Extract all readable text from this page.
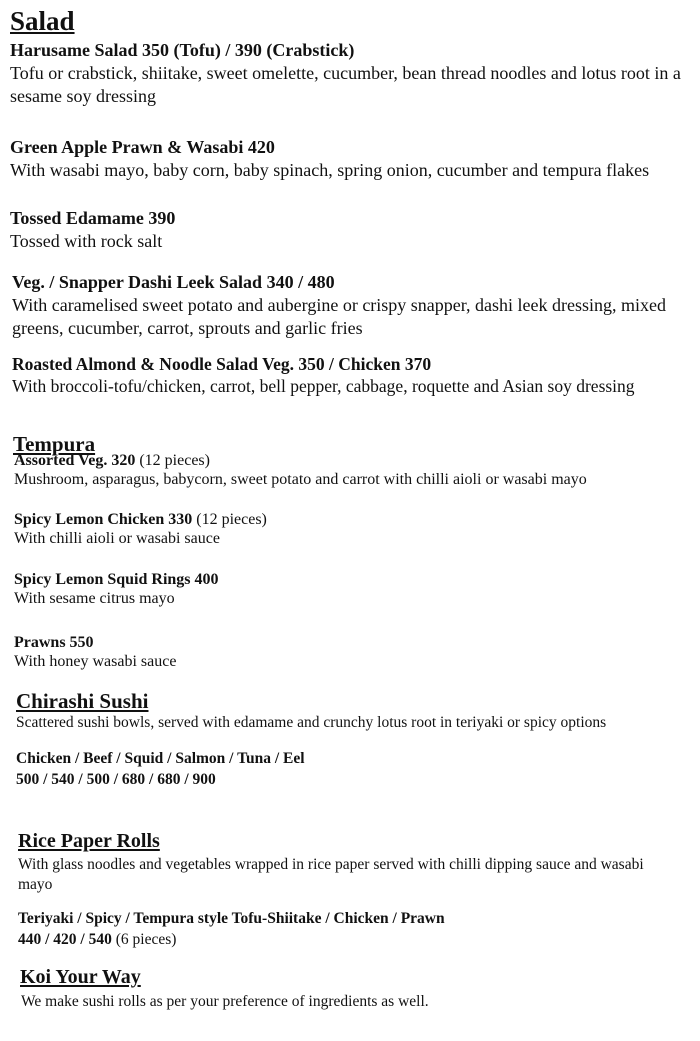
Salad
Harusame Salad 350 (Tofu) / 390 (Crabstick)
Tofu or crabstick, shiitake, sweet omelette, cucumber, bean thread noodles and lotus root in a sesame soy dressing
Green Apple Prawn & Wasabi 420
With wasabi mayo, baby corn, baby spinach, spring onion, cucumber and tempura flakes
Tossed Edamame 390
Tossed with rock salt
Veg. / Snapper Dashi Leek Salad 340 / 480
With caramelised sweet potato and aubergine or crispy snapper, dashi leek dressing, mixed greens, cucumber, carrot, sprouts and garlic fries
Roasted Almond & Noodle Salad Veg. 350 / Chicken 370
With broccoli-tofu/chicken, carrot, bell pepper, cabbage, roquette and Asian soy dressing
Tempura
Assorted Veg. 320 (12 pieces)
Mushroom, asparagus, babycorn, sweet potato and carrot with chilli aioli or wasabi mayo
Spicy Lemon Chicken 330 (12 pieces)
With chilli aioli or wasabi sauce
Spicy Lemon Squid Rings 400
With sesame citrus mayo
Prawns 550
With honey wasabi sauce
Chirashi Sushi
Scattered sushi bowls, served with edamame and crunchy lotus root in teriyaki or spicy options
Chicken / Beef / Squid / Salmon / Tuna / Eel
500 / 540 / 500 / 680 / 680 / 900
Rice Paper Rolls
With glass noodles and vegetables wrapped in rice paper served with chilli dipping sauce and wasabi mayo
Teriyaki / Spicy / Tempura style Tofu-Shiitake / Chicken / Prawn
440 / 420 / 540 (6 pieces)
Koi Your Way
We make sushi rolls as per your preference of ingredients as well.
